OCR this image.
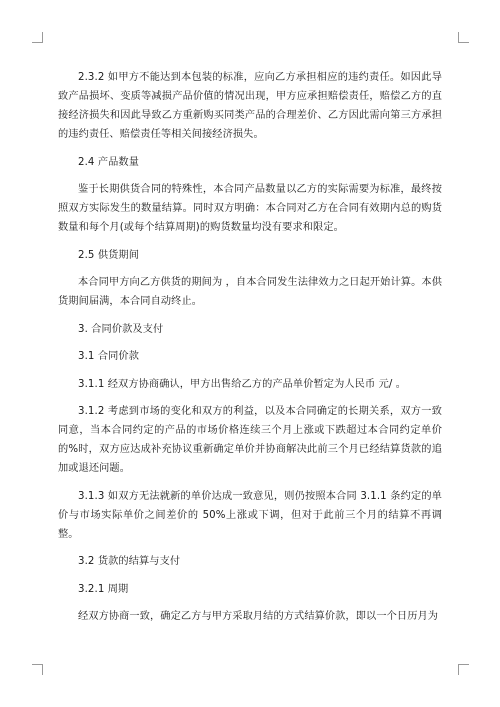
2.3.2 如甲方不能达到本包装的标准，应向乙方承担相应的违约责任。如因此导致产品损坏、变质等减损产品价值的情况出现，甲方应承担赔偿责任，赔偿乙方的直接经济损失和因此导致乙方重新购买同类产品的合理差价、乙方因此需向第三方承担的违约责任、赔偿责任等相关间接经济损失。

2.4 产品数量

鉴于长期供货合同的特殊性，本合同产品数量以乙方的实际需要为标准，最终按照双方实际发生的数量结算。同时双方明确：本合同对乙方在合同有效期内总的购货数量和每个月(或每个结算周期)的购货数量均没有要求和限定。

2.5 供货期间

本合同甲方向乙方供货的期间为 ，自本合同发生法律效力之日起开始计算。本供货期间届满，本合同自动终止。

3. 合同价款及支付

3.1 合同价款

3.1.1 经双方协商确认，甲方出售给乙方的产品单价暂定为人民币 元/ 。

3.1.2 考虑到市场的变化和双方的利益，以及本合同确定的长期关系，双方一致同意，当本合同约定的产品的市场价格连续三个月上涨或下跌超过本合同约定单价的%时，双方应达成补充协议重新确定单价并协商解决此前三个月已经结算货款的追加或退还问题。

3.1.3 如双方无法就新的单价达成一致意见，则仍按照本合同 3.1.1 条约定的单价与市场实际单价之间差价的 50%上涨或下调，但对于此前三个月的结算不再调整。

3.2 货款的结算与支付

3.2.1 周期

经双方协商一致，确定乙方与甲方采取月结的方式结算价款，即以一个日历月为
